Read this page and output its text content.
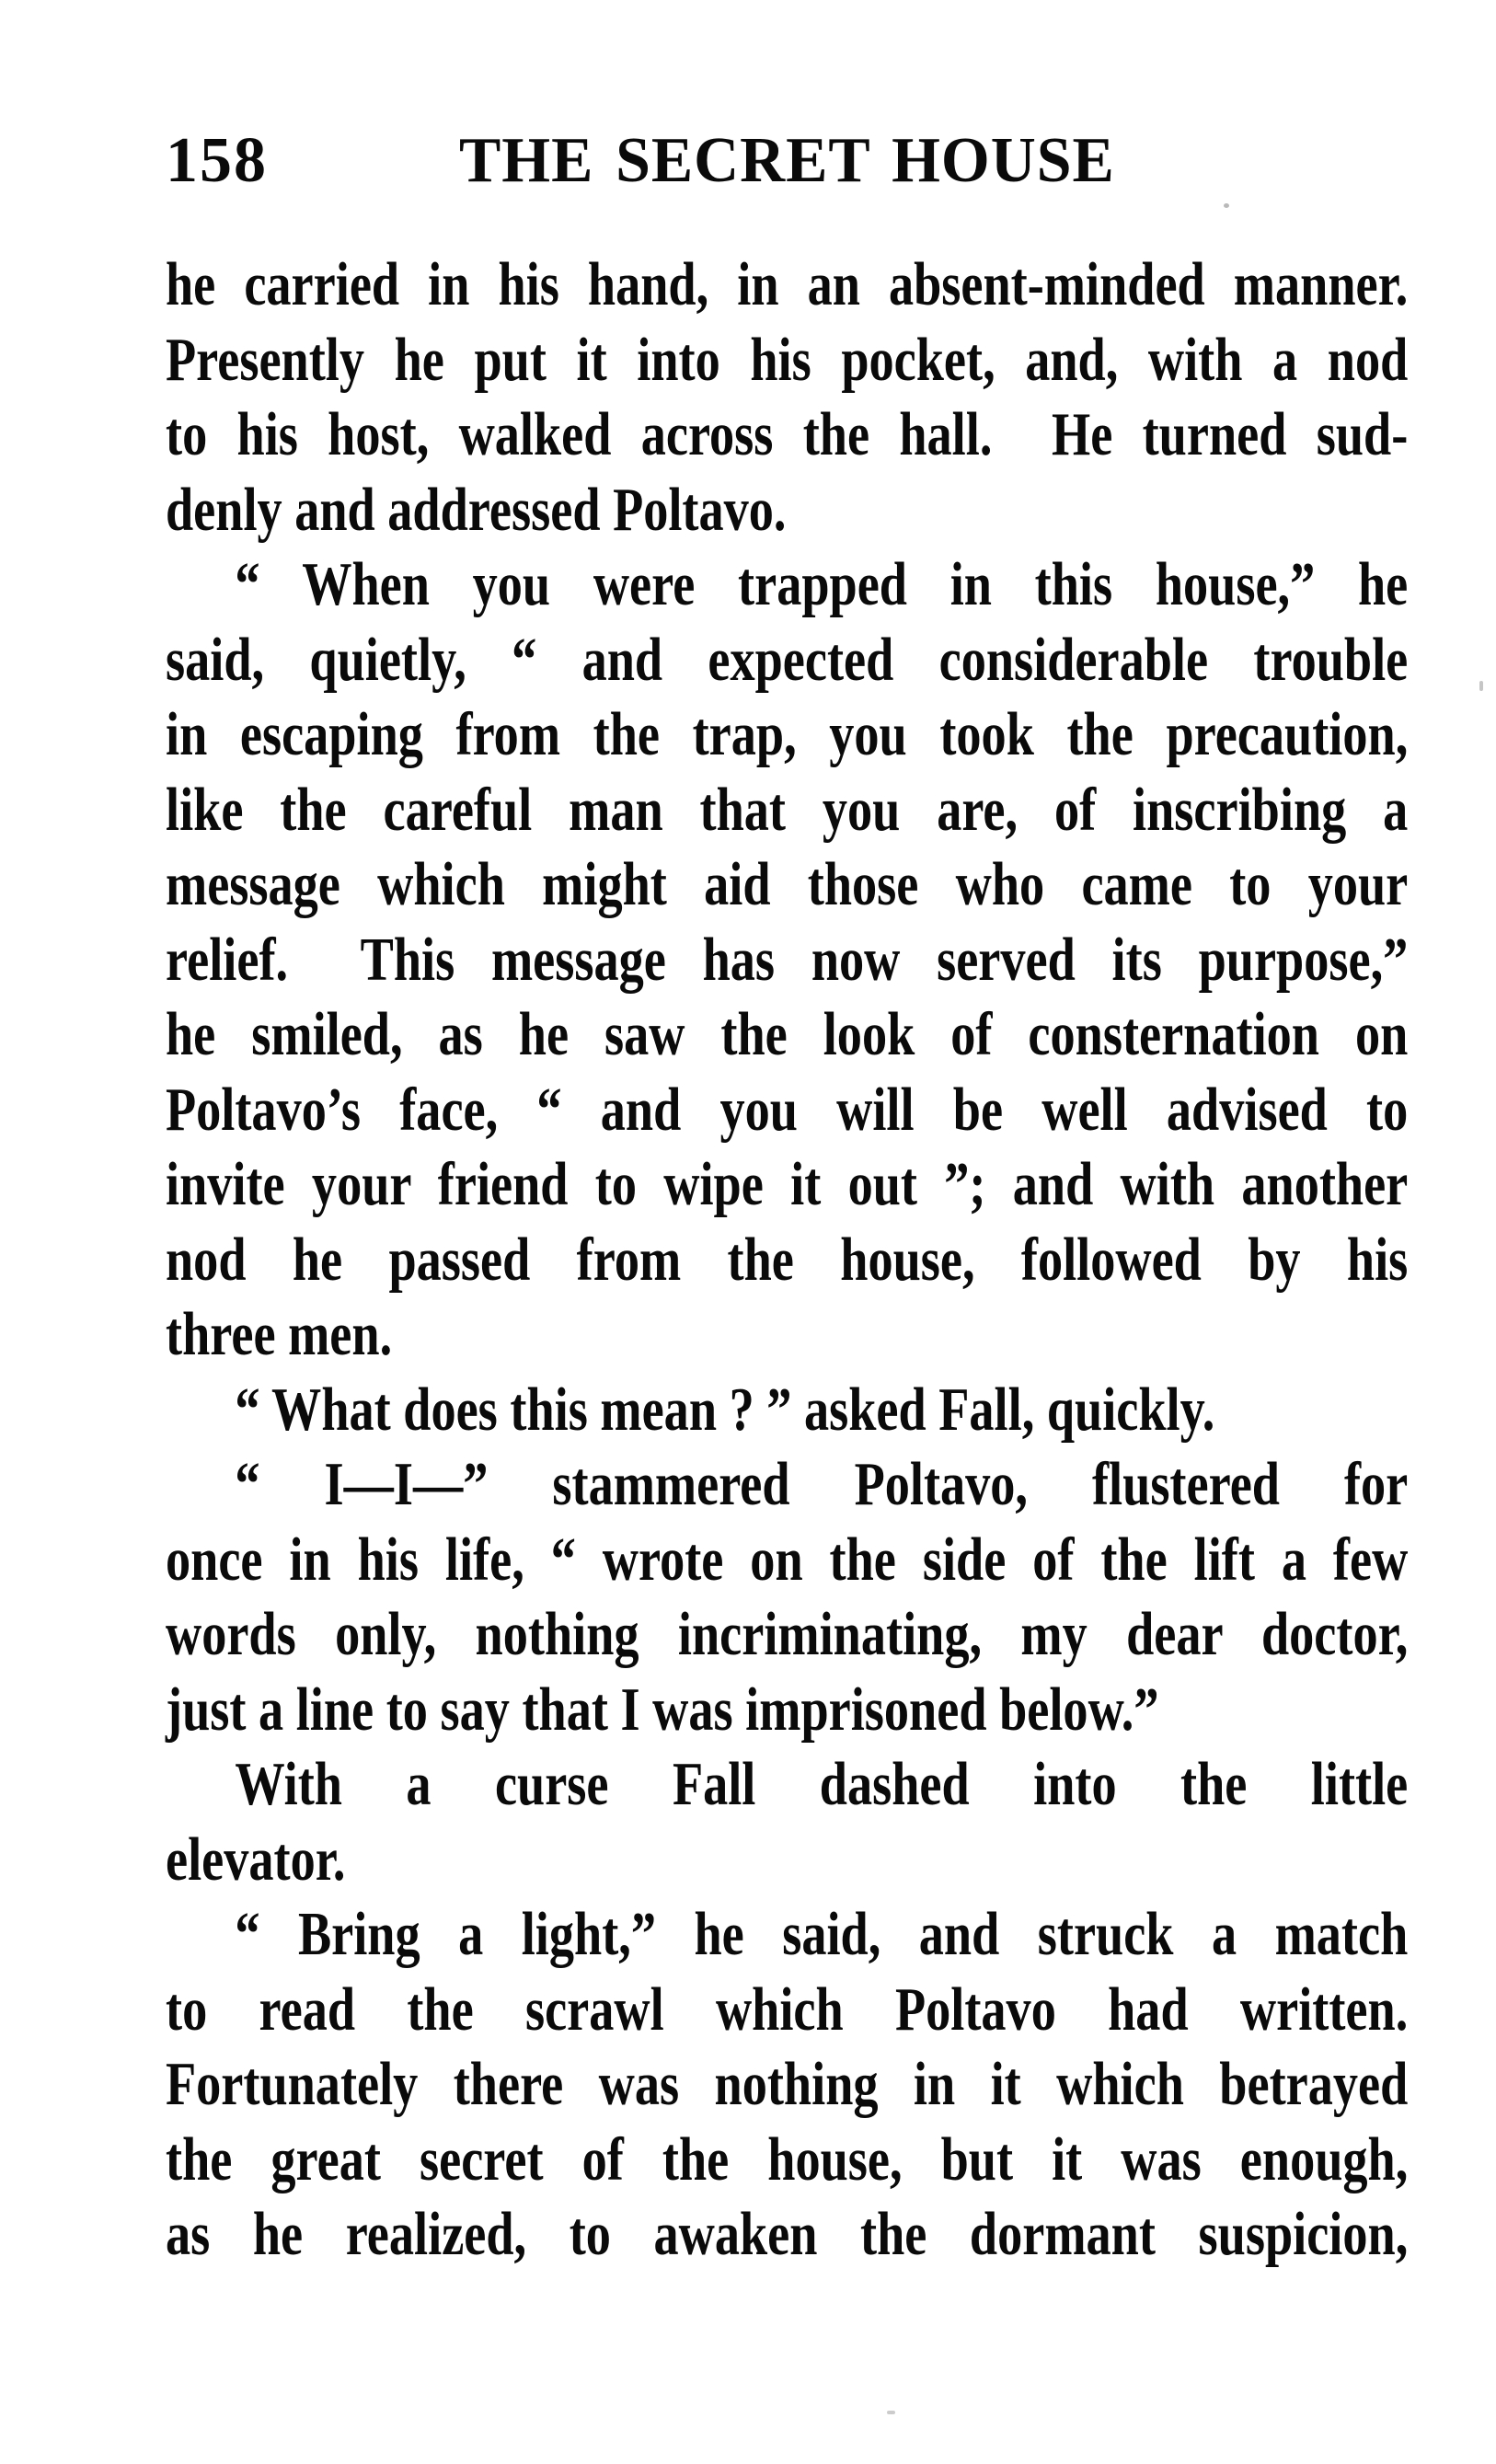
158	THE SECRET HOUSE
he carried in his hand, in an absent-minded manner.
Presently he put it into his pocket, and, with a nod
to his host, walked across the hall.  He turned sud-
denly and addressed Poltavo.
“ When you were trapped in this house,” he
said, quietly, “ and expected considerable trouble
in escaping from the trap, you took the precaution,
like the careful man that you are, of inscribing a
message which might aid those who came to your
relief.  This message has now served its purpose,”
he smiled, as he saw the look of consternation on
Poltavo’s face, “ and you will be well advised to
invite your friend to wipe it out ”; and with another
nod he passed from the house, followed by his
three men.
“ What does this mean ? ” asked Fall, quickly.
“ I—I—” stammered Poltavo, flustered for
once in his life, “ wrote on the side of the lift a few
words only, nothing incriminating, my dear doctor,
just a line to say that I was imprisoned below.”
With a curse Fall dashed into the little
elevator.
“ Bring a light,” he said, and struck a match
to read the scrawl which Poltavo had written.
Fortunately there was nothing in it which betrayed
the great secret of the house, but it was enough,
as he realized, to awaken the dormant suspicion,
